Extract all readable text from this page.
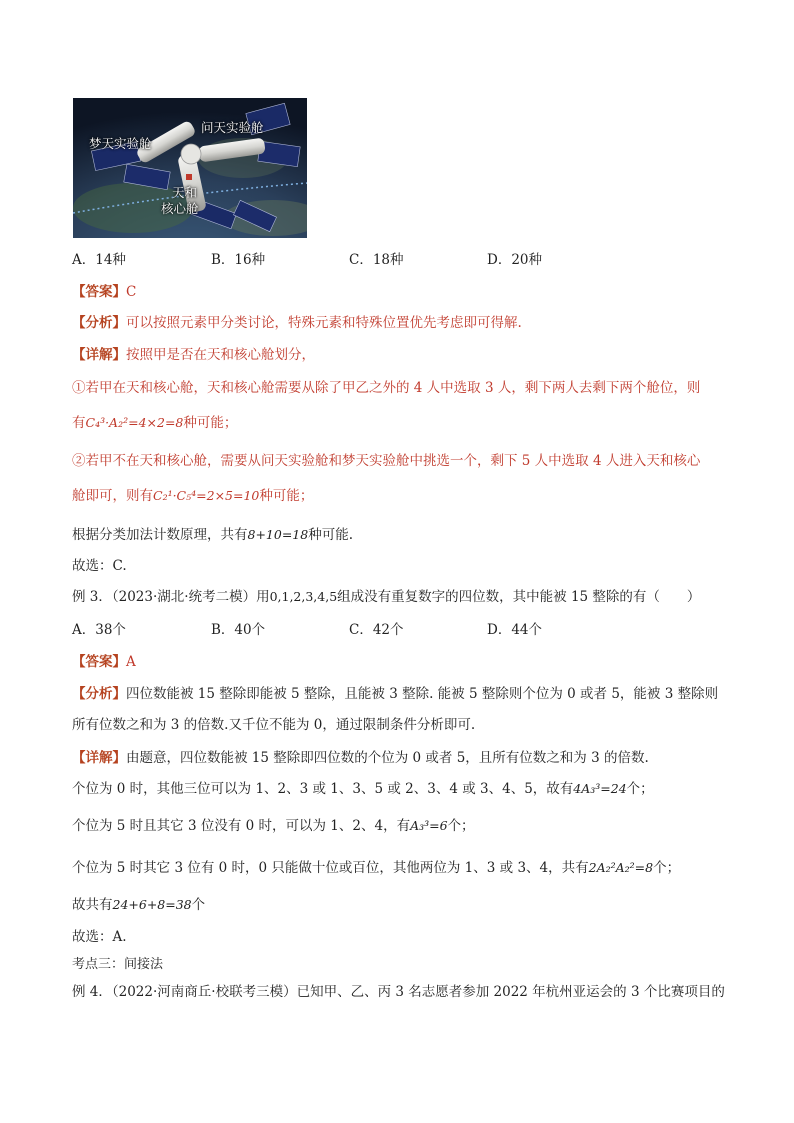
梦天实验舱
问天实验舱
天和
核心舱
A．14种	B．16种	C．18种	D．20种
【答案】C
【分析】可以按照元素甲分类讨论，特殊元素和特殊位置优先考虑即可得解.
【详解】按照甲是否在天和核心舱划分，
①若甲在天和核心舱，天和核心舱需要从除了甲乙之外的 4 人中选取 3 人，剩下两人去剩下两个舱位，则
有C₄³·A₂²=4×2=8种可能；
②若甲不在天和核心舱，需要从问天实验舱和梦天实验舱中挑选一个，剩下 5 人中选取 4 人进入天和核心
舱即可，则有C₂¹·C₅⁴=2×5=10种可能；
根据分类加法计数原理，共有8+10=18种可能.
故选：C.
例 3．（2023·湖北·统考二模）用0,1,2,3,4,5组成没有重复数字的四位数，其中能被 15 整除的有（　　）
A．38个	B．40个	C．42个	D．44个
【答案】A
【分析】四位数能被 15 整除即能被 5 整除，且能被 3 整除. 能被 5 整除则个位为 0 或者 5，能被 3 整除则
所有位数之和为 3 的倍数.又千位不能为 0，通过限制条件分析即可.
【详解】由题意，四位数能被 15 整除即四位数的个位为 0 或者 5，且所有位数之和为 3 的倍数.
个位为 0 时，其他三位可以为 1、2、3 或 1、3、5 或 2、3、4 或 3、4、5，故有4A₃³=24个；
个位为 5 时且其它 3 位没有 0 时，可以为 1、2、4，有A₃³=6个；
个位为 5 时其它 3 位有 0 时，0 只能做十位或百位，其他两位为 1、3 或 3、4，共有2A₂²A₂²=8个；
故共有24+6+8=38个
故选：A.
考点三：间接法
例 4．（2022·河南商丘·校联考三模）已知甲、乙、丙 3 名志愿者参加 2022 年杭州亚运会的 3 个比赛项目的
